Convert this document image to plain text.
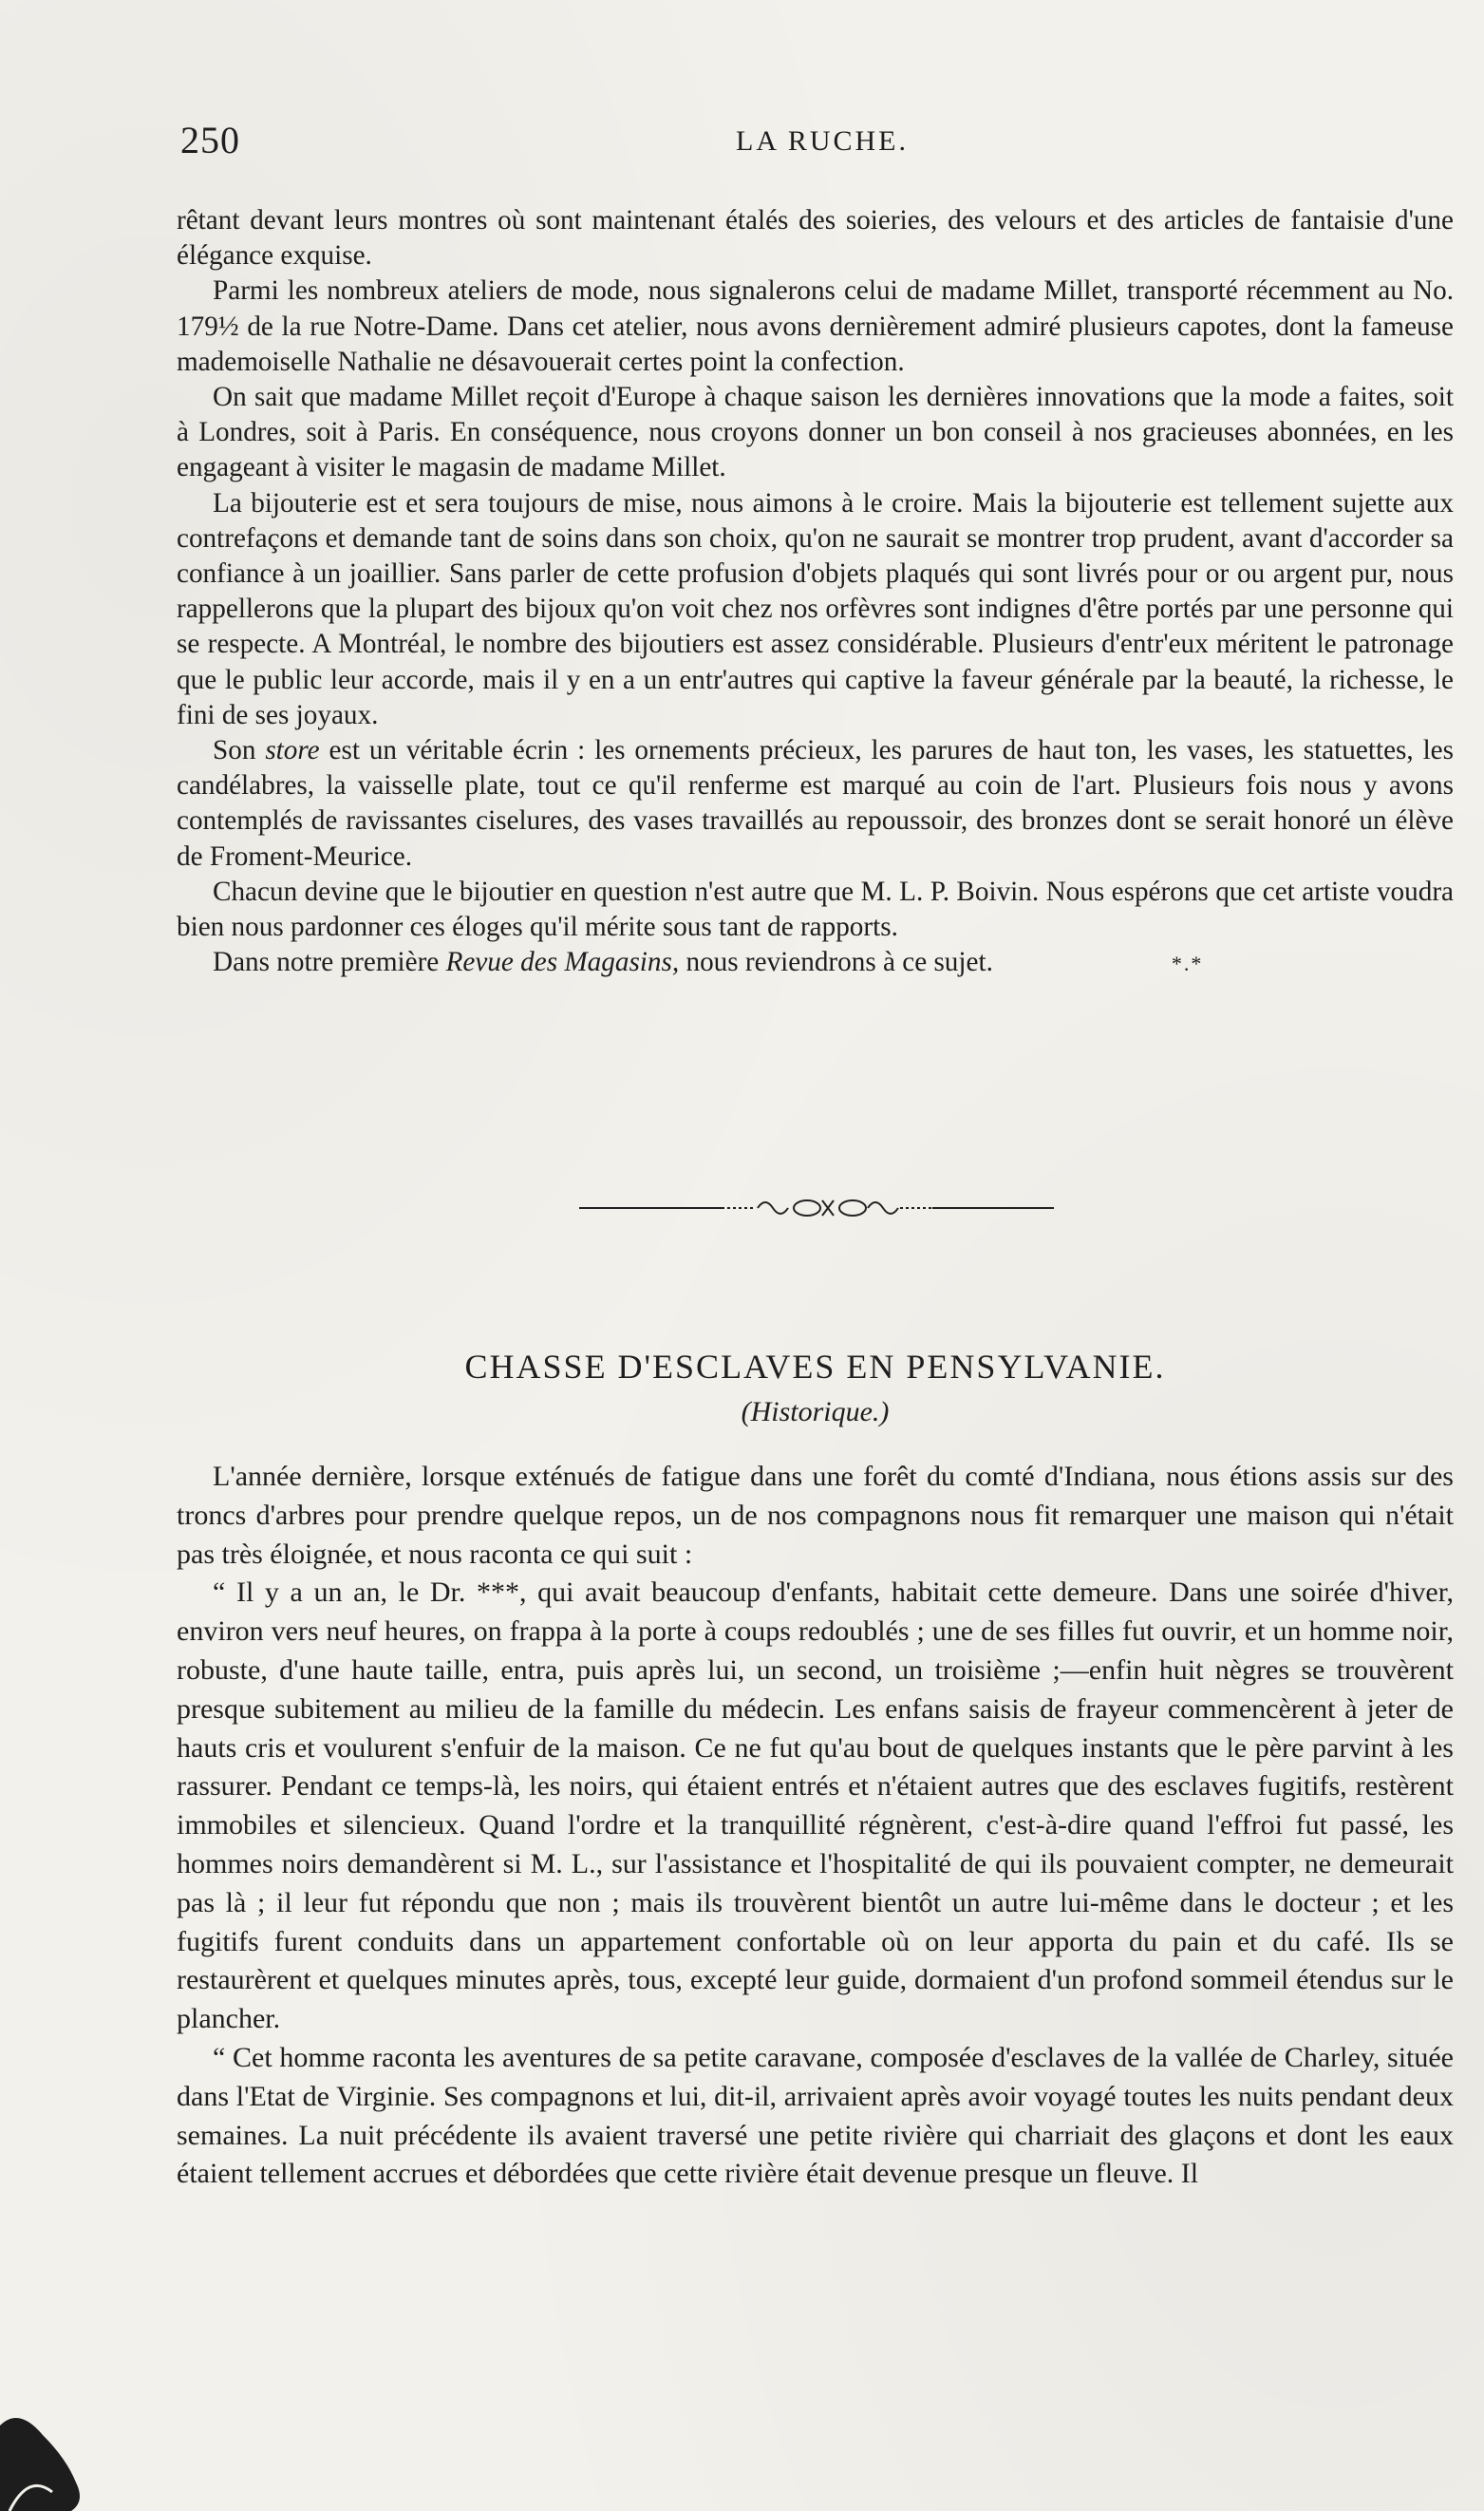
250	LA RUCHE.

rêtant devant leurs montres où sont maintenant étalés des soieries, des velours et des articles de fantaisie d'une élégance exquise.

Parmi les nombreux ateliers de mode, nous signalerons celui de madame Millet, transporté récemment au No. 179½ de la rue Notre-Dame. Dans cet atelier, nous avons dernièrement admiré plusieurs capotes, dont la fameuse mademoiselle Nathalie ne désavouerait certes point la confection.

On sait que madame Millet reçoit d'Europe à chaque saison les dernières innovations que la mode a faites, soit à Londres, soit à Paris. En conséquence, nous croyons donner un bon conseil à nos gracieuses abonnées, en les engageant à visiter le magasin de madame Millet.

La bijouterie est et sera toujours de mise, nous aimons à le croire. Mais la bijouterie est tellement sujette aux contrefaçons et demande tant de soins dans son choix, qu'on ne saurait se montrer trop prudent, avant d'accorder sa confiance à un joaillier. Sans parler de cette profusion d'objets plaqués qui sont livrés pour or ou argent pur, nous rappellerons que la plupart des bijoux qu'on voit chez nos orfèvres sont indignes d'être portés par une personne qui se respecte. A Montréal, le nombre des bijoutiers est assez considérable. Plusieurs d'entr'eux méritent le patronage que le public leur accorde, mais il y en a un entr'autres qui captive la faveur générale par la beauté, la richesse, le fini de ses joyaux.

Son store est un véritable écrin : les ornements précieux, les parures de haut ton, les vases, les statuettes, les candélabres, la vaisselle plate, tout ce qu'il renferme est marqué au coin de l'art. Plusieurs fois nous y avons contemplés de ravissantes ciselures, des vases travaillés au repoussoir, des bronzes dont se serait honoré un élève de Froment-Meurice.

Chacun devine que le bijoutier en question n'est autre que M. L. P. Boivin. Nous espérons que cet artiste voudra bien nous pardonner ces éloges qu'il mérite sous tant de rapports.

Dans notre première Revue des Magasins, nous reviendrons à ce sujet.	*.*

CHASSE D'ESCLAVES EN PENSYLVANIE.
(Historique.)

L'année dernière, lorsque exténués de fatigue dans une forêt du comté d'Indiana, nous étions assis sur des troncs d'arbres pour prendre quelque repos, un de nos compagnons nous fit remarquer une maison qui n'était pas très éloignée, et nous raconta ce qui suit :

“ Il y a un an, le Dr. ***, qui avait beaucoup d'enfants, habitait cette demeure. Dans une soirée d'hiver, environ vers neuf heures, on frappa à la porte à coups redoublés ; une de ses filles fut ouvrir, et un homme noir, robuste, d'une haute taille, entra, puis après lui, un second, un troisième ;—enfin huit nègres se trouvèrent presque subitement au milieu de la famille du médecin. Les enfans saisis de frayeur commencèrent à jeter de hauts cris et voulurent s'enfuir de la maison. Ce ne fut qu'au bout de quelques instants que le père parvint à les rassurer. Pendant ce temps-là, les noirs, qui étaient entrés et n'étaient autres que des esclaves fugitifs, restèrent immobiles et silencieux. Quand l'ordre et la tranquillité régnèrent, c'est-à-dire quand l'effroi fut passé, les hommes noirs demandèrent si M. L., sur l'assistance et l'hospitalité de qui ils pouvaient compter, ne demeurait pas là ; il leur fut répondu que non ; mais ils trouvèrent bientôt un autre lui-même dans le docteur ; et les fugitifs furent conduits dans un appartement confortable où on leur apporta du pain et du café. Ils se restaurèrent et quelques minutes après, tous, excepté leur guide, dormaient d'un profond sommeil étendus sur le plancher.

“ Cet homme raconta les aventures de sa petite caravane, composée d'esclaves de la vallée de Charley, située dans l'Etat de Virginie. Ses compagnons et lui, dit-il, arrivaient après avoir voyagé toutes les nuits pendant deux semaines. La nuit précédente ils avaient traversé une petite rivière qui charriait des glaçons et dont les eaux étaient tellement accrues et débordées que cette rivière était devenue presque un fleuve. Il
